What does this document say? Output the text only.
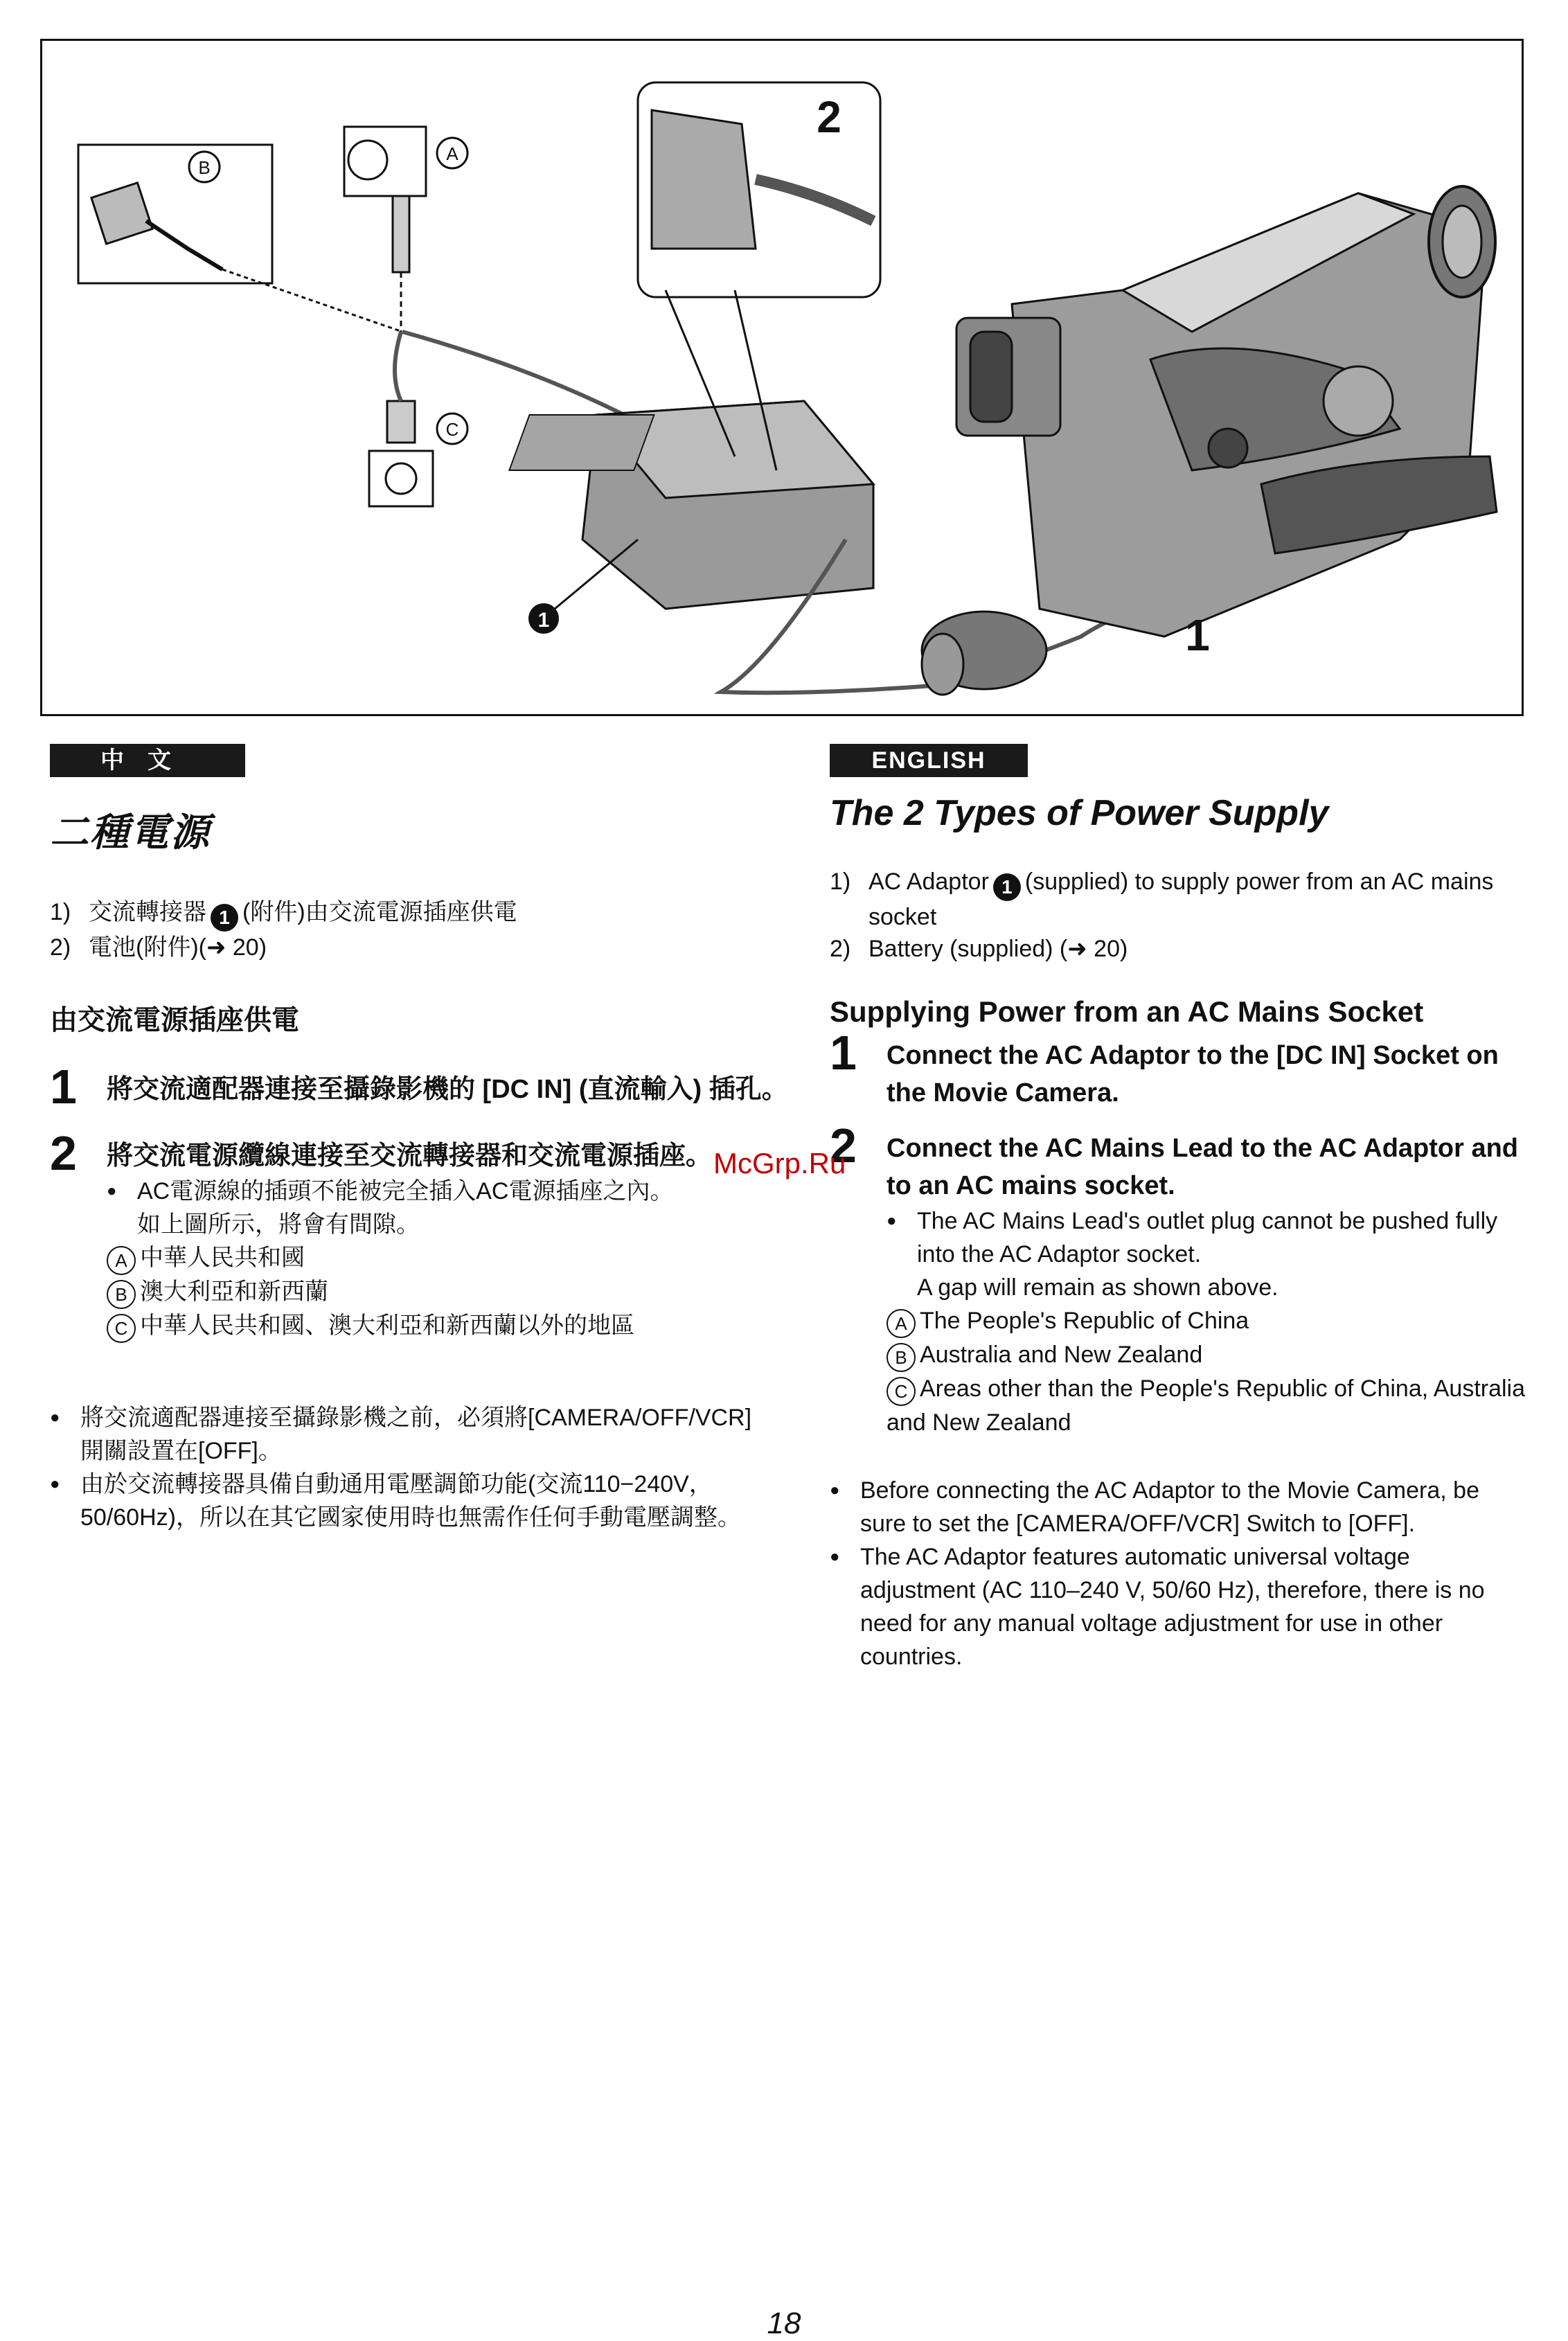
B
A
C
2
1
1
中文
二種電源
1) 交流轉接器 1 (附件)由交流電源插座供電
2) 電池(附件)(➜ 20)
由交流電源插座供電
1 將交流適配器連接至攝錄影機的 [DC IN] (直流輸入) 插孔。
2 將交流電源纜線連接至交流轉接器和交流電源插座。
● AC電源線的插頭不能被完全插入AC電源插座之內。
如上圖所示，將會有間隙。
A 中華人民共和國
B 澳大利亞和新西蘭
C 中華人民共和國、澳大利亞和新西蘭以外的地區
● 將交流適配器連接至攝錄影機之前，必須將[CAMERA/OFF/VCR]開關設置在[OFF]。
● 由於交流轉接器具備自動通用電壓調節功能(交流110−240V，50/60Hz)，所以在其它國家使用時也無需作任何手動電壓調整。
ENGLISH
The 2 Types of Power Supply
1) AC Adaptor 1 (supplied) to supply power from an AC mains socket
2) Battery (supplied) (➜ 20)
Supplying Power from an AC Mains Socket
1 Connect the AC Adaptor to the [DC IN] Socket on the Movie Camera.
2 Connect the AC Mains Lead to the AC Adaptor and to an AC mains socket.
● The AC Mains Lead's outlet plug cannot be pushed fully into the AC Adaptor socket.
A gap will remain as shown above.
A The People's Republic of China
B Australia and New Zealand
C Areas other than the People's Republic of China, Australia and New Zealand
● Before connecting the AC Adaptor to the Movie Camera, be sure to set the [CAMERA/OFF/VCR] Switch to [OFF].
● The AC Adaptor features automatic universal voltage adjustment (AC 110–240 V, 50/60 Hz), therefore, there is no need for any manual voltage adjustment for use in other countries.
McGrp.Ru
18
